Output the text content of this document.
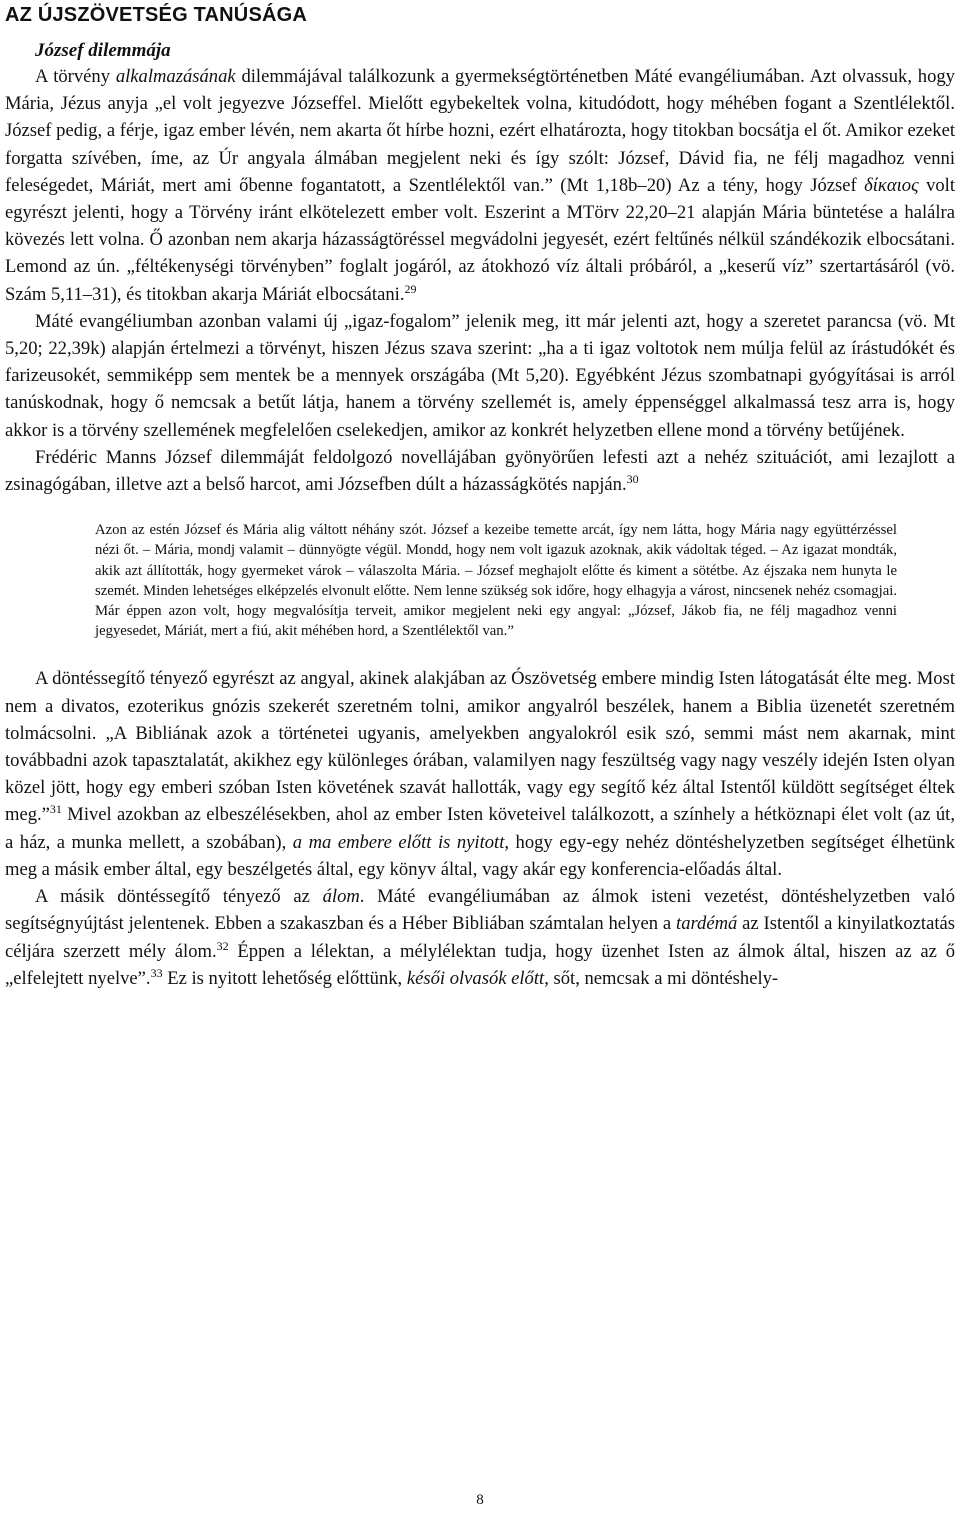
AZ ÚJSZÖVETSÉG TANÚSÁGA
József dilemmája

A törvény alkalmazásának dilemmájával találkozunk a gyermekségtörténetben Máté evangéliumában. Azt olvassuk, hogy Mária, Jézus anyja „el volt jegyezve Józseffel. Mielőtt egybekeltek volna, kitudódott, hogy méhében fogant a Szentlélektől. József pedig, a férje, igaz ember lévén, nem akarta őt hírbe hozni, ezért elhatározta, hogy titokban bocsátja el őt. Amikor ezeket forgatta szívében, íme, az Úr angyala álmában megjelent neki és így szólt: József, Dávid fia, ne félj magadhoz venni feleségedet, Máriát, mert ami őbenne fogantatott, a Szentlélektől van.” (Mt 1,18b–20) Az a tény, hogy József δίκαιος volt egyrészt jelenti, hogy a Törvény iránt elkötelezett ember volt. Eszerint a MTörv 22,20–21 alapján Mária büntetése a halálra kövezés lett volna. Ő azonban nem akarja házasságtöréssel megvádolni jegyesét, ezért feltűnés nélkül szándékozik elbocsátani. Lemond az ún. „féltékenységi törvényben” foglalt jogáról, az átokhozó víz általi próbáról, a „keserű víz” szertartásáról (vö. Szám 5,11–31), és titokban akarja Máriát elbocsátani.$^{29}$

Máté evangéliumban azonban valami új „igaz-fogalom” jelenik meg, itt már jelenti azt, hogy a szeretet parancsa (vö. Mt 5,20; 22,39k) alapján értelmezi a törvényt, hiszen Jézus szava szerint: „ha a ti igaz voltotok nem múlja felül az írástudókét és farizeusokét, semmiképp sem mentek be a mennyek országába (Mt 5,20). Egyébként Jézus szombatnapi gyógyításai is arról tanúskodnak, hogy ő nemcsak a betűt látja, hanem a törvény szellemét is, amely éppenséggel alkalmassá tesz arra is, hogy akkor is a törvény szellemének megfelelően cselekedjen, amikor az konkrét helyzetben ellene mond a törvény betűjének.

Frédéric Manns József dilemmáját feldolgozó novellájában gyönyörűen lefesti azt a nehéz szituációt, ami lezajlott a zsinagógában, illetve azt a belső harcot, ami Józsefben dúlt a házasságkötés napján.$^{30}$

Azon az estén József és Mária alig váltott néhány szót. József a kezeibe temette arcát, így nem látta, hogy Mária nagy együttérzéssel nézi őt. – Mária, mondj valamit – dünnyögte végül. Mondd, hogy nem volt igazuk azoknak, akik vádoltak téged. – Az igazat mondták, akik azt állították, hogy gyermeket várok – válaszolta Mária. – József meghajolt előtte és kiment a sötétbe. Az éjszaka nem hunyta le szemét. Minden lehetséges elképzelés elvonult előtte. Nem lenne szükség sok időre, hogy elhagyja a várost, nincsenek nehéz csomagjai. Már éppen azon volt, hogy megvalósítja terveit, amikor megjelent neki egy angyal: „József, Jákob fia, ne félj magadhoz venni jegyesedet, Máriát, mert a fiú, akit méhében hord, a Szentlélektől van.”

A döntéssegítő tényező egyrészt az angyal, akinek alakjában az Ószövetség embere mindig Isten látogatását élte meg. Most nem a divatos, ezoterikus gnózis szekerét szeretném tolni, amikor angyalról beszélek, hanem a Biblia üzenetét szeretném tolmácsolni. „A Bibliának azok a történetei ugyanis, amelyekben angyalokról esik szó, semmi mást nem akarnak, mint továbbadni azok tapasztalatát, akikhez egy különleges órában, valamilyen nagy feszültség vagy nagy veszély idején Isten olyan közel jött, hogy egy emberi szóban Isten követének szavát hallották, vagy egy segítő kéz által Istentől küldött segítséget éltek meg.”$^{31}$ Mivel azokban az elbeszélésekben, ahol az ember Isten követeivel találkozott, a színhely a hétköznapi élet volt (az út, a ház, a munka mellett, a szobában), a ma embere előtt is nyitott, hogy egy-egy nehéz döntéshelyzetben segítséget élhetünk meg a másik ember által, egy beszélgetés által, egy könyv által, vagy akár egy konferencia-előadás által.

A másik döntéssegítő tényező az álom. Máté evangéliumában az álmok isteni vezetést, döntéshelyzetben való segítségnyújtást jelentenek. Ebben a szakaszban és a Héber Bibliában számtalan helyen a tardémá az Istentől a kinyilatkoztatás céljára szerzett mély álom.$^{32}$ Éppen a lélektan, a mélylélektan tudja, hogy üzenhet Isten az álmok által, hiszen az az ő „elfelejtett nyelve”.$^{33}$ Ez is nyitott lehetőség előttünk, késői olvasók előtt, sőt, nemcsak a mi döntéshely-

8
